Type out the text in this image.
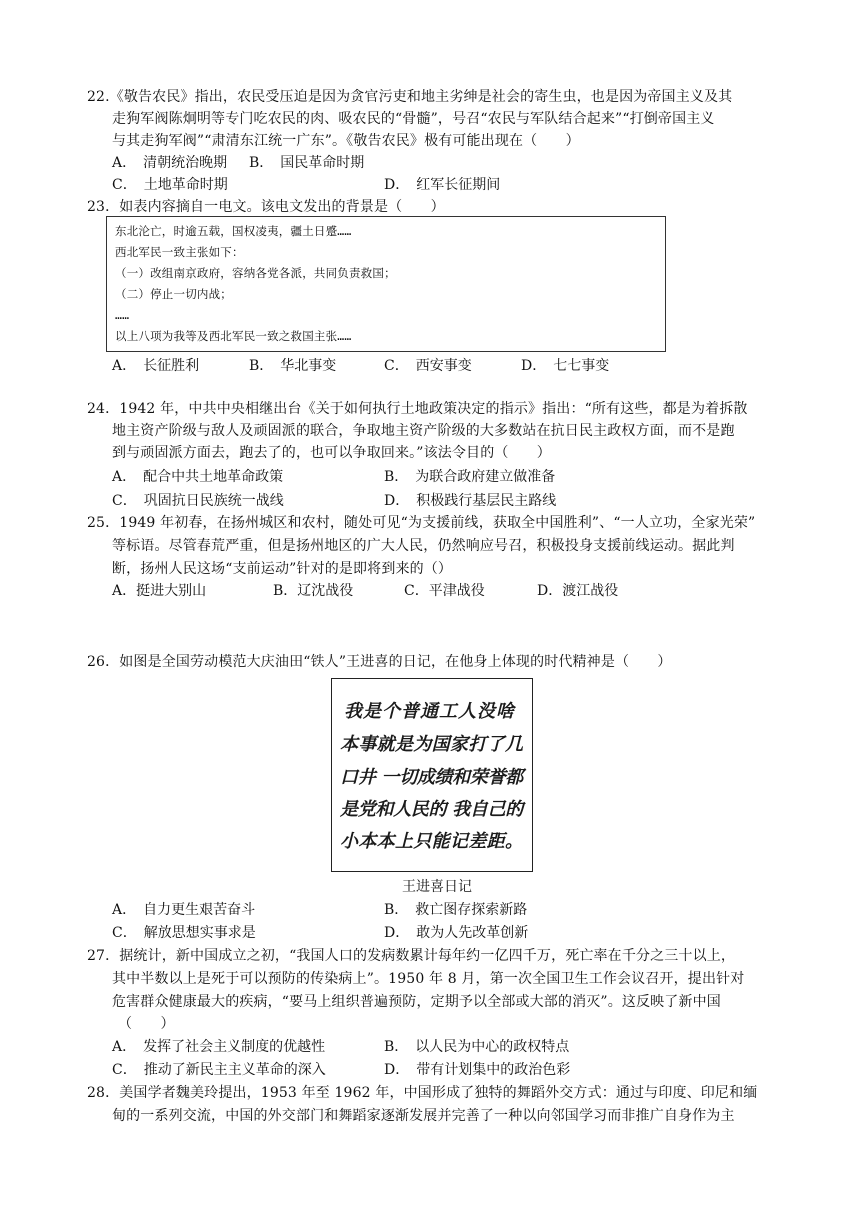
22.《敬告农民》指出，农民受压迫是因为贪官污吏和地主劣绅是社会的寄生虫，也是因为帝国主义及其
走狗军阀陈炯明等专门吃农民的肉、吸农民的“骨髓”，号召“农民与军队结合起来”“打倒帝国主义
与其走狗军阀”“肃清东江统一广东”。《敬告农民》极有可能出现在（　　）
A．　清朝统治晚期 B．　国民革命时期
C．　土地革命时期	D．　红军长征期间
23．如表内容摘自一电文。该电文发出的背景是（　　）
东北沦亡，时逾五载，国权凌夷，疆土日蹙……
西北军民一致主张如下：
（一）改组南京政府，容纳各党各派，共同负责救国；
（二）停止一切内战；
……
以上八项为我等及西北军民一致之救国主张……
A．　长征胜利	B．　华北事变	C．　西安事变	D．　七七事变
24．1942 年，中共中央相继出台《关于如何执行土地政策决定的指示》指出：“所有这些，都是为着拆散
地主资产阶级与敌人及顽固派的联合，争取地主资产阶级的大多数站在抗日民主政权方面，而不是跑
到与顽固派方面去，跑去了的，也可以争取回来。”该法令目的（　　）
A．　配合中共土地革命政策	B．　为联合政府建立做准备
C．　巩固抗日民族统一战线	D．　积极践行基层民主路线
25．1949 年初春，在扬州城区和农村，随处可见“为支援前线，获取全中国胜利”、“一人立功，全家光荣”
等标语。尽管春荒严重，但是扬州地区的广大人民，仍然响应号召，积极投身支援前线运动。据此判
断，扬州人民这场“支前运动”针对的是即将到来的（）
A．挺进大别山	B．辽沈战役	C．平津战役	D．渡江战役
26．如图是全国劳动模范大庆油田“铁人”王进喜的日记，在他身上体现的时代精神是（　　）
我是个普通工人没啥
本事就是为国家打了几
口井 一切成绩和荣誉都
是党和人民的 我自己的
小本本上只能记差距。
王进喜日记
A．　自力更生艰苦奋斗	B．　救亡图存探索新路
C．　解放思想实事求是	D．　敢为人先改革创新
27．据统计，新中国成立之初，“我国人口的发病数累计每年约一亿四千万，死亡率在千分之三十以上，
其中半数以上是死于可以预防的传染病上”。1950 年 8 月，第一次全国卫生工作会议召开，提出针对
危害群众健康最大的疾病，“要马上组织普遍预防，定期予以全部或大部的消灭”。这反映了新中国
（　　）
A．　发挥了社会主义制度的优越性	B．　以人民为中心的政权特点
C．　推动了新民主主义革命的深入	D．　带有计划集中的政治色彩
28．美国学者魏美玲提出，1953 年至 1962 年，中国形成了独特的舞蹈外交方式：通过与印度、印尼和缅
甸的一系列交流，中国的外交部门和舞蹈家逐渐发展并完善了一种以向邻国学习而非推广自身作为主
